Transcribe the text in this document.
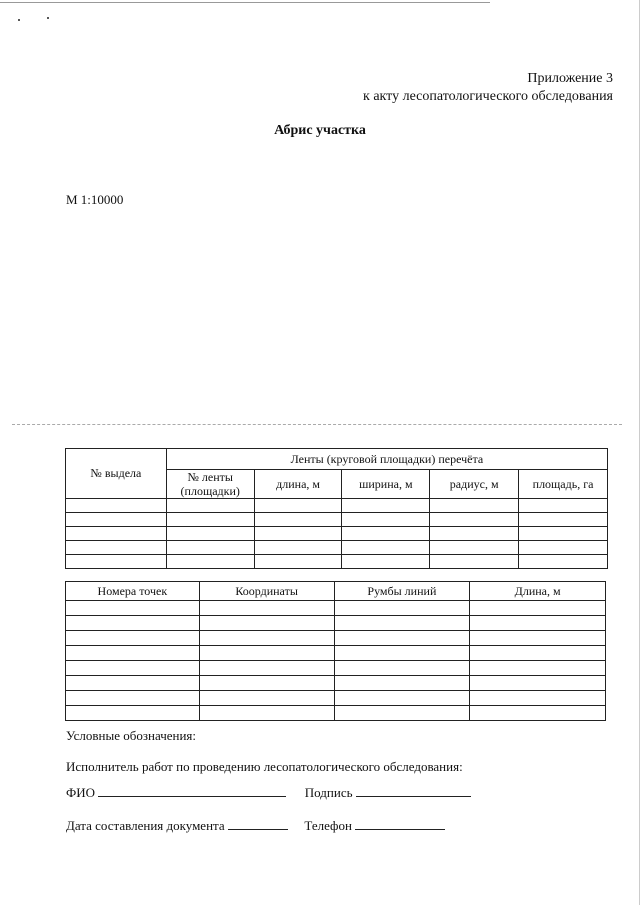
Приложение 3
к акту лесопатологического обследования
Абрис участка
М 1:10000
№ выдела	Ленты (круговой площадки) перечёта				
	№ ленты (площадки)	длина, м	ширина, м	радиус, м	площадь, га

Номера точек	Координаты	Румбы линий	Длина, м

Условные обозначения:
Исполнитель работ по проведению лесопатологического обследования:
ФИО	Подпись
Дата составления документа	Телефон
